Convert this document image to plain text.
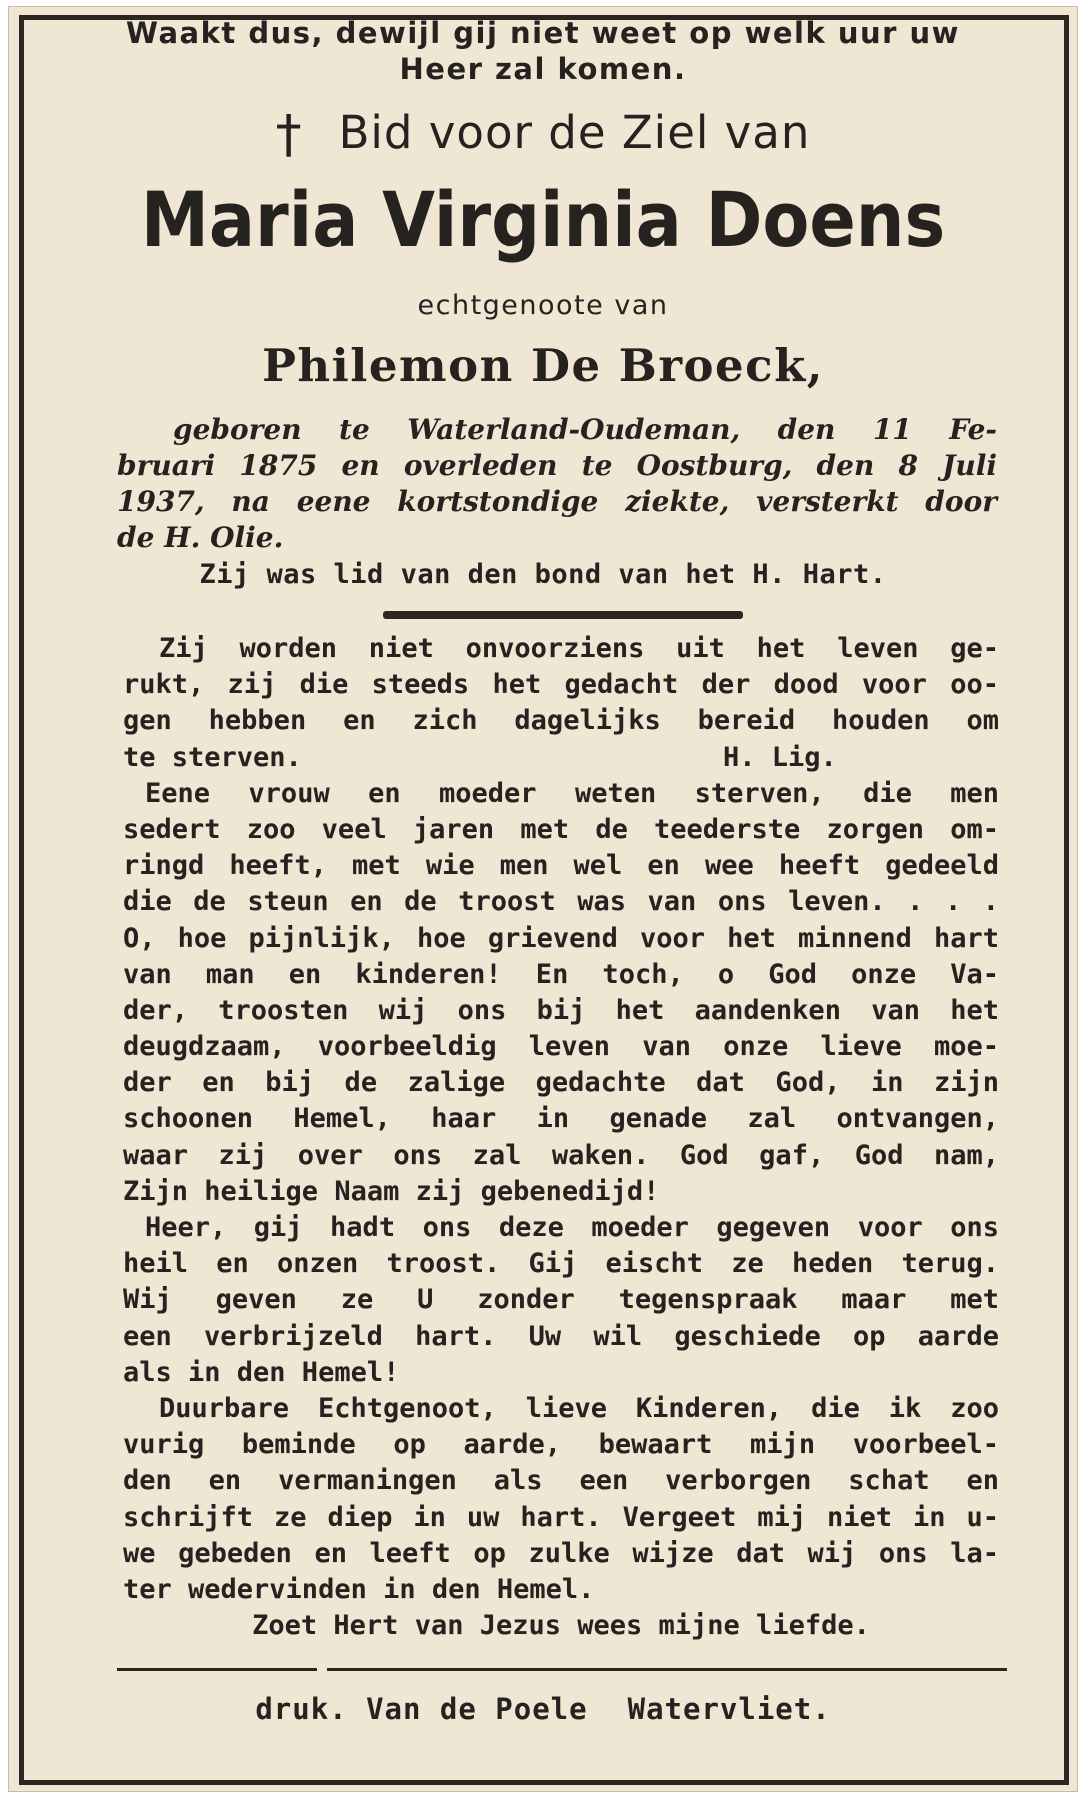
Waakt dus, dewijl gij niet weet op welk uur uw
Heer zal komen.
† Bid voor de Ziel van
Maria Virginia Doens
echtgenoote van
Philemon De Broeck,
geboren te Waterland-Oudeman, den 11 Fe-
bruari 1875 en overleden te Oostburg, den 8 Juli
1937, na eene kortstondige ziekte, versterkt door
de H. Olie.
Zij was lid van den bond van het H. Hart.
Zij worden niet onvoorziens uit het leven ge-
rukt, zij die steeds het gedacht der dood voor oo-
gen hebben en zich dagelijks bereid houden om
te sterven.	H. Lig.
Eene vrouw en moeder weten sterven, die men
sedert zoo veel jaren met de teederste zorgen om-
ringd heeft, met wie men wel en wee heeft gedeeld
die de steun en de troost was van ons leven. . . .
O, hoe pijnlijk, hoe grievend voor het minnend hart
van man en kinderen! En toch, o God onze Va-
der, troosten wij ons bij het aandenken van het
deugdzaam, voorbeeldig leven van onze lieve moe-
der en bij de zalige gedachte dat God, in zijn
schoonen Hemel, haar in genade zal ontvangen,
waar zij over ons zal waken. God gaf, God nam,
Zijn heilige Naam zij gebenedijd!
Heer, gij hadt ons deze moeder gegeven voor ons
heil en onzen troost. Gij eischt ze heden terug.
Wij geven ze U zonder tegenspraak maar met
een verbrijzeld hart. Uw wil geschiede op aarde
als in den Hemel!
Duurbare Echtgenoot, lieve Kinderen, die ik zoo
vurig beminde op aarde, bewaart mijn voorbeel-
den en vermaningen als een verborgen schat en
schrijft ze diep in uw hart. Vergeet mij niet in u-
we gebeden en leeft op zulke wijze dat wij ons la-
ter wedervinden in den Hemel.
Zoet Hert van Jezus wees mijne liefde.
druk. Van de Poele Watervliet.
